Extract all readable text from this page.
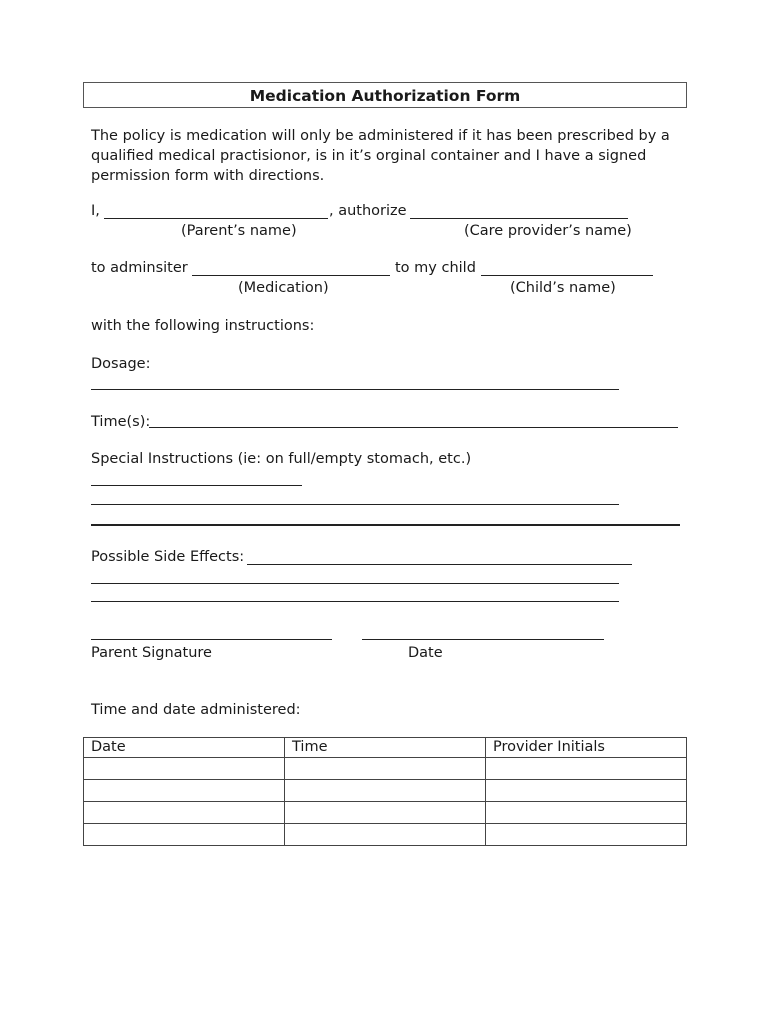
Medication Authorization Form
The policy is medication will only be administered if it has been prescribed by a qualified medical practisionor, is in it’s orginal container and I have a signed permission form with directions.
I,	, authorize
(Parent’s name)	(Care provider’s name)
to adminsiter	to my child
(Medication)	(Child’s name)
with the following instructions:
Dosage:
Time(s):
Special Instructions (ie: on full/empty stomach, etc.)
Possible Side Effects:
Parent Signature	Date
Time and date administered:
Date	Time	Provider Initials
